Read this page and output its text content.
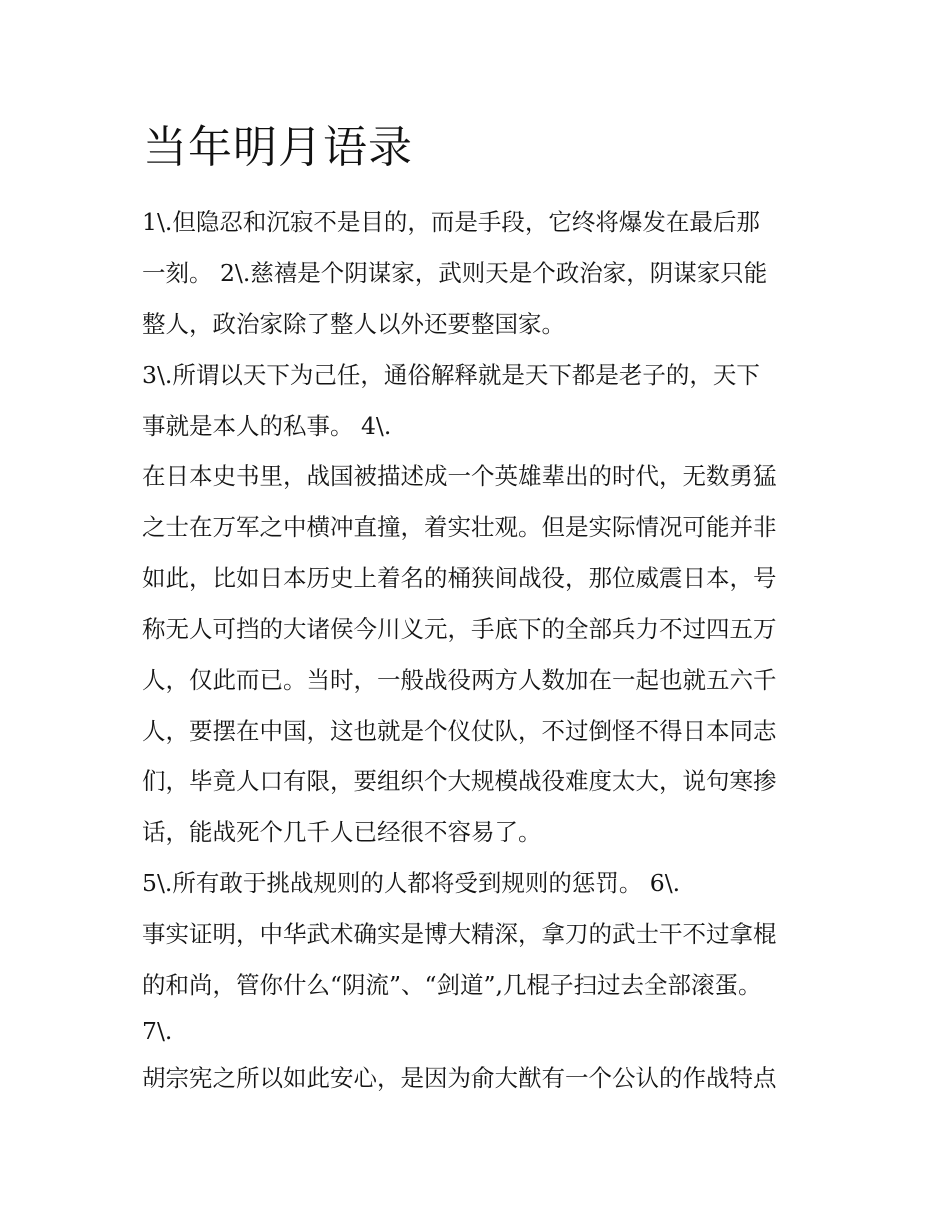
当年明月语录

1\.但隐忍和沉寂不是目的，而是手段，它终将爆发在最后那

一刻。 2\.慈禧是个阴谋家，武则天是个政治家，阴谋家只能

整人，政治家除了整人以外还要整国家。

3\.所谓以天下为己任，通俗解释就是天下都是老子的，天下

事就是本人的私事。 4\.

在日本史书里，战国被描述成一个英雄辈出的时代，无数勇猛

之士在万军之中横冲直撞，着实壮观。但是实际情况可能并非

如此，比如日本历史上着名的桶狭间战役，那位威震日本，号

称无人可挡的大诸侯今川义元，手底下的全部兵力不过四五万

人，仅此而已。当时，一般战役两方人数加在一起也就五六千

人，要摆在中国，这也就是个仪仗队，不过倒怪不得日本同志

们，毕竟人口有限，要组织个大规模战役难度太大，说句寒掺

话，能战死个几千人已经很不容易了。

5\.所有敢于挑战规则的人都将受到规则的惩罚。 6\.

事实证明，中华武术确实是博大精深，拿刀的武士干不过拿棍

的和尚，管你什么“阴流”、“剑道”,几棍子扫过去全部滚蛋。

7\.

胡宗宪之所以如此安心，是因为俞大猷有一个公认的作战特点
